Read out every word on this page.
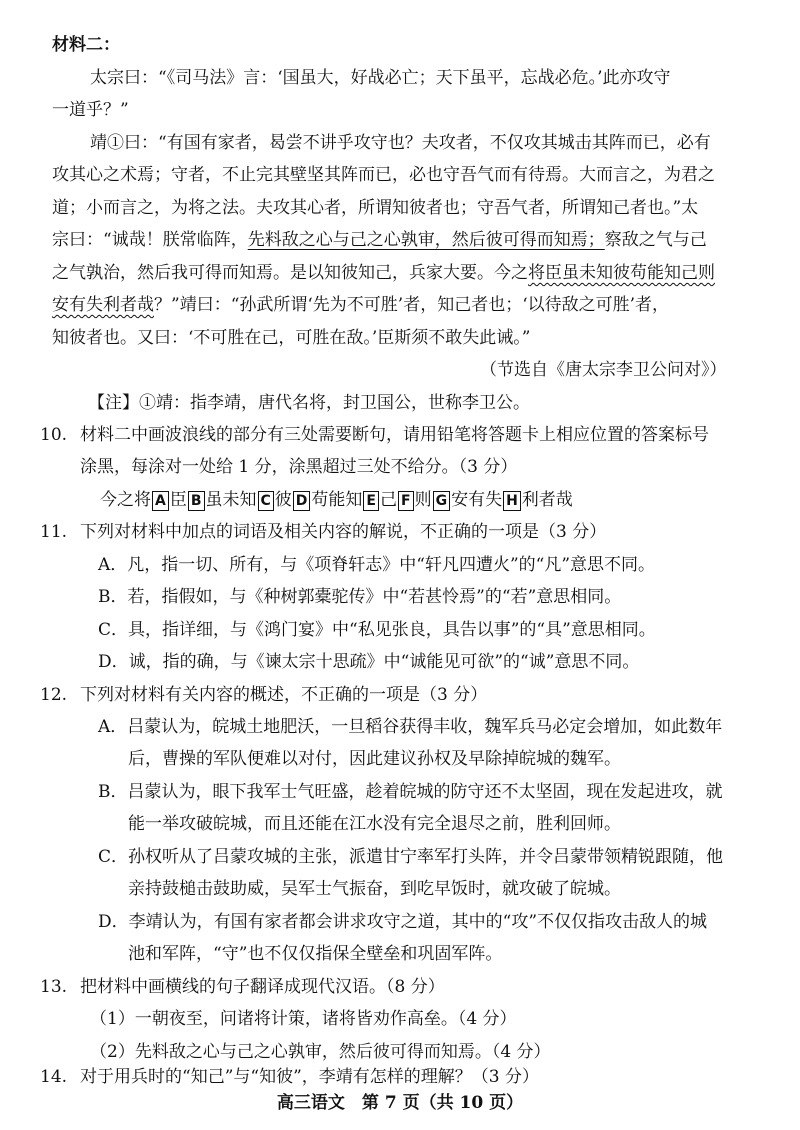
材料二：
太宗曰：“《司马法》言：‘国虽大，好战必亡；天下虽平，忘战必危。’此亦攻守
一道乎？”
靖①曰：“有国有家者，曷尝不讲乎攻守也？夫攻者，不仅攻其城击其阵而已，必有
攻其心之术焉；守者，不止完其壁坚其阵而已，必也守吾气而有待焉。大而言之，为君之
道；小而言之，为将之法。夫攻其心者，所谓知彼者也；守吾气者，所谓知己者也。”太
宗曰：“诚哉！朕常临阵，先料敌之心与己之心孰审，然后彼可得而知焉；察敌之气与己
之气孰治，然后我可得而知焉。是以知彼知己，兵家大要。今之将臣虽未知彼苟能知己则
安有失利者哉？”靖曰：“孙武所谓‘先为不可胜’者，知己者也；‘以待敌之可胜’者，
知彼者也。又曰：‘不可胜在己，可胜在敌。’臣斯须不敢失此诫。”
（节选自《唐太宗李卫公问对》）
【注】①靖：指李靖，唐代名将，封卫国公，世称李卫公。
10. 材料二中画波浪线的部分有三处需要断句，请用铅笔将答题卡上相应位置的答案标号
涂黑，每涂对一处给 1 分，涂黑超过三处不给分。（3 分）
今之将 A 臣 B 虽未知 C 彼 D 苟能知 E 己 F 则 G 安有失 H 利者哉
11. 下列对材料中加点的词语及相关内容的解说，不正确的一项是（3 分）
A．凡，指一切、所有，与《项脊轩志》中“轩凡四遭火”的“凡”意思不同。
B．若，指假如，与《种树郭橐驼传》中“若甚怜焉”的“若”意思相同。
C．具，指详细，与《鸿门宴》中“私见张良，具告以事”的“具”意思相同。
D．诚，指的确，与《谏太宗十思疏》中“诚能见可欲”的“诚”意思不同。
12. 下列对材料有关内容的概述，不正确的一项是（3 分）
A．吕蒙认为，皖城土地肥沃，一旦稻谷获得丰收，魏军兵马必定会增加，如此数年
后，曹操的军队便难以对付，因此建议孙权及早除掉皖城的魏军。
B．吕蒙认为，眼下我军士气旺盛，趁着皖城的防守还不太坚固，现在发起进攻，就
能一举攻破皖城，而且还能在江水没有完全退尽之前，胜利回师。
C．孙权听从了吕蒙攻城的主张，派遣甘宁率军打头阵，并令吕蒙带领精锐跟随，他
亲持鼓槌击鼓助威，吴军士气振奋，到吃早饭时，就攻破了皖城。
D．李靖认为，有国有家者都会讲求攻守之道，其中的“攻”不仅仅指攻击敌人的城
池和军阵，“守”也不仅仅指保全壁垒和巩固军阵。
13. 把材料中画横线的句子翻译成现代汉语。（8 分）
（1）一朝夜至，问诸将计策，诸将皆劝作高垒。（4 分）
（2）先料敌之心与己之心孰审，然后彼可得而知焉。（4 分）
14. 对于用兵时的“知己”与“知彼”，李靖有怎样的理解？（3 分）
高三语文　第 7 页（共 10 页）
